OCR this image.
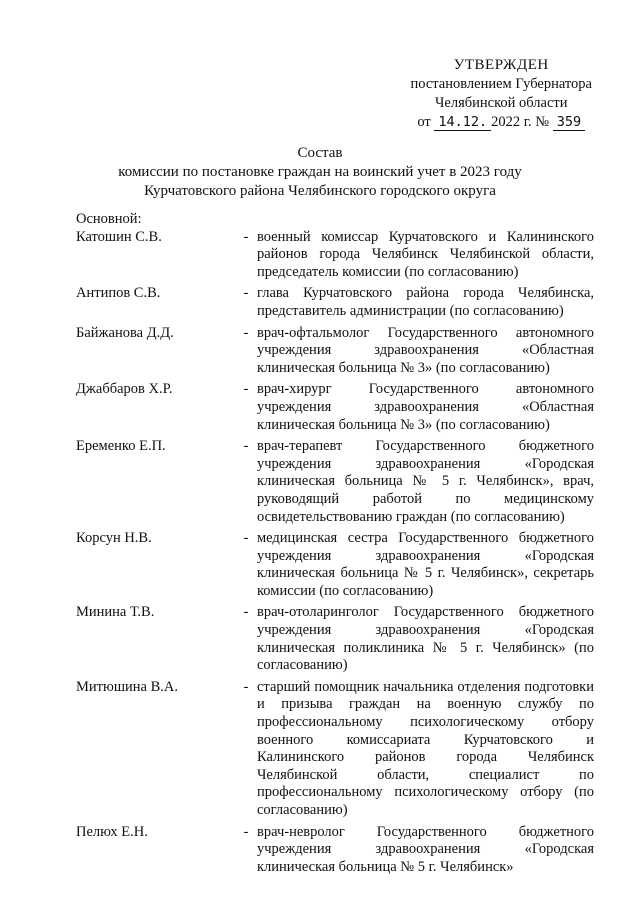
УТВЕРЖДЕН
постановлением Губернатора
Челябинской области
от 14.12. 2022 г. № 359
Состав
комиссии по постановке граждан на воинский учет в 2023 году
Курчатовского района Челябинского городского округа
Основной:
Катошин С.В.	- военный комиссар Курчатовского и Калининского районов города Челябинск Челябинской области, председатель комиссии (по согласованию)
Антипов С.В.	- глава Курчатовского района города Челябинска, представитель администрации (по согласованию)
Байжанова Д.Д.	- врач-офтальмолог Государственного автономного учреждения здравоохранения «Областная клиническая больница № 3» (по согласованию)
Джаббаров Х.Р.	- врач-хирург Государственного автономного учреждения здравоохранения «Областная клиническая больница № 3» (по согласованию)
Еременко Е.П.	- врач-терапевт Государственного бюджетного учреждения здравоохранения «Городская клиническая больница № 5 г. Челябинск», врач, руководящий работой по медицинскому освидетельствованию граждан (по согласованию)
Корсун Н.В.	- медицинская сестра Государственного бюджетного учреждения здравоохранения «Городская клиническая больница № 5 г. Челябинск», секретарь комиссии (по согласованию)
Минина Т.В.	- врач-отоларинголог Государственного бюджетного учреждения здравоохранения «Городская клиническая поликлиника № 5 г. Челябинск» (по согласованию)
Митюшина В.А.	- старший помощник начальника отделения подготовки и призыва граждан на военную службу по профессиональному психологическому отбору военного комиссариата Курчатовского и Калининского районов города Челябинск Челябинской области, специалист по профессиональному психологическому отбору (по согласованию)
Пелюх Е.Н.	- врач-невролог Государственного бюджетного учреждения здравоохранения «Городская клиническая больница № 5 г. Челябинск»
